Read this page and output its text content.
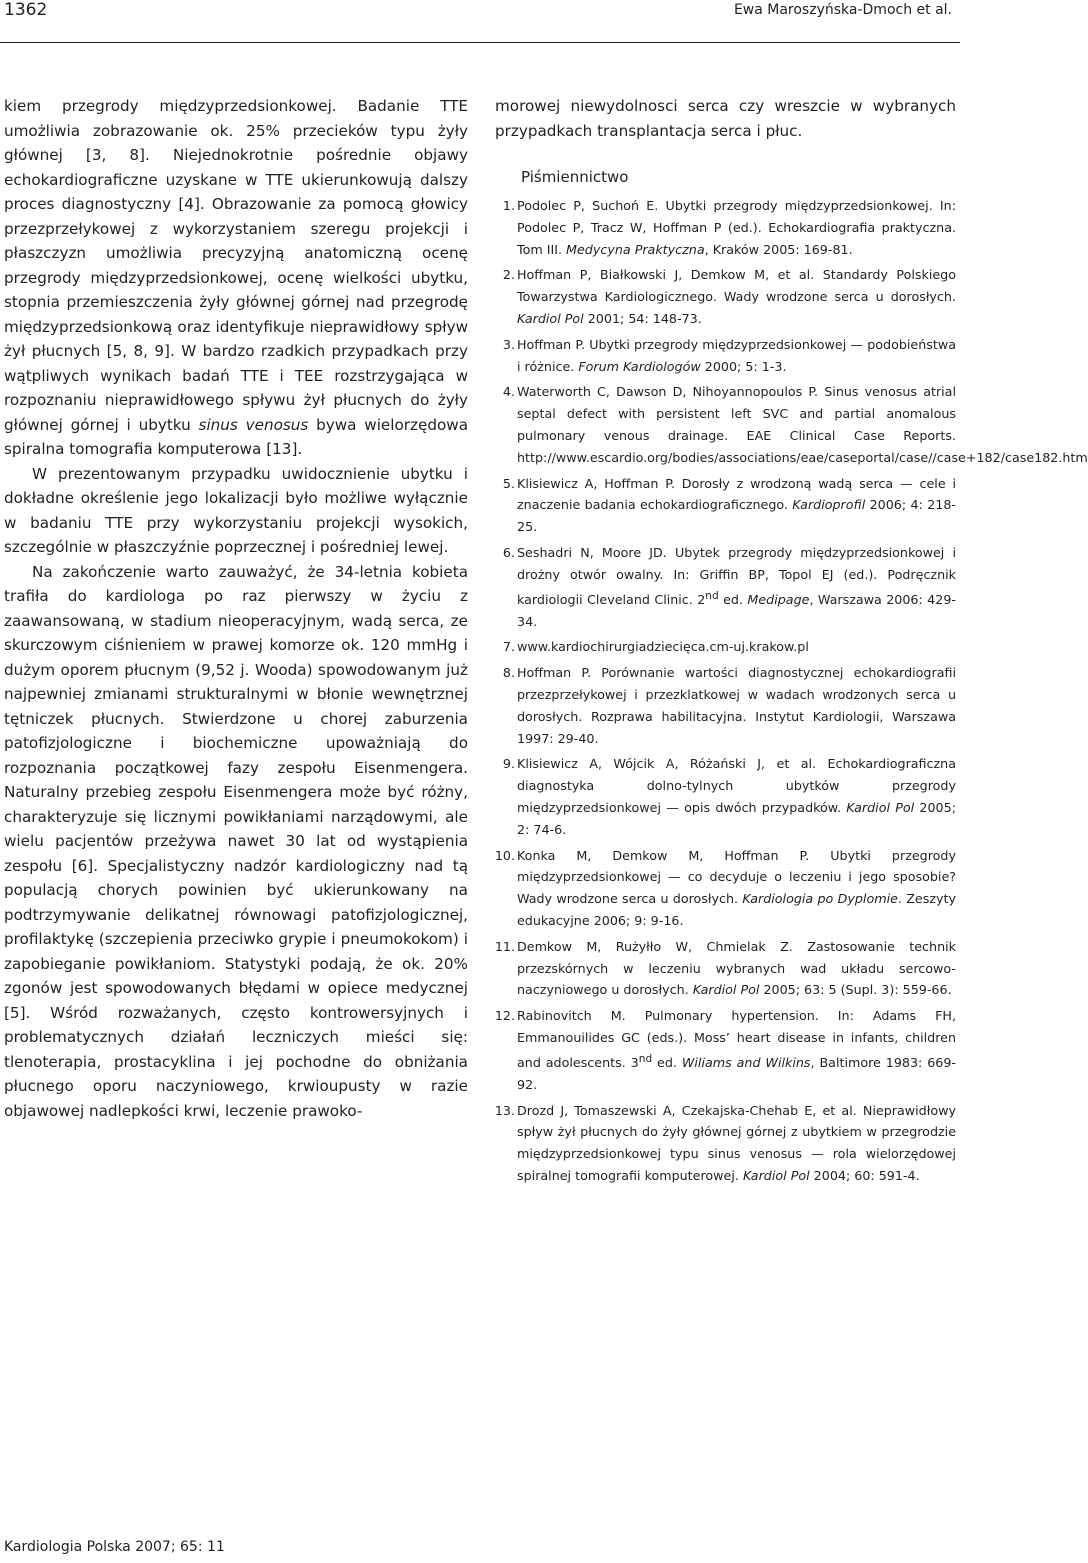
1362	Ewa Maroszyńska-Dmoch et al.

kiem przegrody międzyprzedsionkowej. Badanie TTE umożliwia zobrazowanie ok. 25% przecieków typu żyły głównej [3, 8]. Niejednokrotnie pośrednie objawy echokardiograficzne uzyskane w TTE ukierunkowują dalszy proces diagnostyczny [4]. Obrazowanie za pomocą głowicy przezprzełykowej z wykorzystaniem szeregu projekcji i płaszczyzn umożliwia precyzyjną anatomiczną ocenę przegrody międzyprzedsionkowej, ocenę wielkości ubytku, stopnia przemieszczenia żyły głównej górnej nad przegrodę międzyprzedsionkową oraz identyfikuje nieprawidłowy spływ żył płucnych [5, 8, 9]. W bardzo rzadkich przypadkach przy wątpliwych wynikach badań TTE i TEE rozstrzygająca w rozpoznaniu nieprawidłowego spływu żył płucnych do żyły głównej górnej i ubytku sinus venosus bywa wielorzędowa spiralna tomografia komputerowa [13].

W prezentowanym przypadku uwidocznienie ubytku i dokładne określenie jego lokalizacji było możliwe wyłącznie w badaniu TTE przy wykorzystaniu projekcji wysokich, szczególnie w płaszczyźnie poprzecznej i pośredniej lewej.

Na zakończenie warto zauważyć, że 34-letnia kobieta trafiła do kardiologa po raz pierwszy w życiu z zaawansowaną, w stadium nieoperacyjnym, wadą serca, ze skurczowym ciśnieniem w prawej komorze ok. 120 mmHg i dużym oporem płucnym (9,52 j. Wooda) spowodowanym już najpewniej zmianami strukturalnymi w błonie wewnętrznej tętniczek płucnych. Stwierdzone u chorej zaburzenia patofizjologiczne i biochemiczne upoważniają do rozpoznania początkowej fazy zespołu Eisenmengera. Naturalny przebieg zespołu Eisenmengera może być różny, charakteryzuje się licznymi powikłaniami narządowymi, ale wielu pacjentów przeżywa nawet 30 lat od wystąpienia zespołu [6]. Specjalistyczny nadzór kardiologiczny nad tą populacją chorych powinien być ukierunkowany na podtrzymywanie delikatnej równowagi patofizjologicznej, profilaktykę (szczepienia przeciwko grypie i pneumokokom) i zapobieganie powikłaniom. Statystyki podają, że ok. 20% zgonów jest spowodowanych błędami w opiece medycznej [5]. Wśród rozważanych, często kontrowersyjnych i problematycznych działań leczniczych mieści się: tlenoterapia, prostacyklina i jej pochodne do obniżania płucnego oporu naczyniowego, krwioupusty w razie objawowej nadlepkości krwi, leczenie prawoko-

morowej niewydolnosci serca czy wreszcie w wybranych przypadkach transplantacja serca i płuc.

Piśmiennictwo
1. Podolec P, Suchoń E. Ubytki przegrody międzyprzedsionkowej. In: Podolec P, Tracz W, Hoffman P (ed.). Echokardiografia praktyczna. Tom III. Medycyna Praktyczna, Kraków 2005: 169-81.
2. Hoffman P, Białkowski J, Demkow M, et al. Standardy Polskiego Towarzystwa Kardiologicznego. Wady wrodzone serca u dorosłych. Kardiol Pol 2001; 54: 148-73.
3. Hoffman P. Ubytki przegrody międzyprzedsionkowej — podobieństwa i różnice. Forum Kardiologów 2000; 5: 1-3.
4. Waterworth C, Dawson D, Nihoyannopoulos P. Sinus venosus atrial septal defect with persistent left SVC and partial anomalous pulmonary venous drainage. EAE Clinical Case Reports. http://www.escardio.org/bodies/associations/eae/caseportal/case//case+182/case182.htm
5. Klisiewicz A, Hoffman P. Dorosły z wrodzoną wadą serca — cele i znaczenie badania echokardiograficznego. Kardioprofil 2006; 4: 218-25.
6. Seshadri N, Moore JD. Ubytek przegrody międzyprzedsionkowej i drożny otwór owalny. In: Griffin BP, Topol EJ (ed.). Podręcznik kardiologii Cleveland Clinic. 2nd ed. Medipage, Warszawa 2006: 429-34.
7. www.kardiochirurgiadziecięca.cm-uj.krakow.pl
8. Hoffman P. Porównanie wartości diagnostycznej echokardiografii przezprzełykowej i przezklatkowej w wadach wrodzonych serca u dorosłych. Rozprawa habilitacyjna. Instytut Kardiologii, Warszawa 1997: 29-40.
9. Klisiewicz A, Wójcik A, Różański J, et al. Echokardiograficzna diagnostyka dolno-tylnych ubytków przegrody międzyprzedsionkowej — opis dwóch przypadków. Kardiol Pol 2005; 2: 74-6.
10. Konka M, Demkow M, Hoffman P. Ubytki przegrody międzyprzedsionkowej — co decyduje o leczeniu i jego sposobie? Wady wrodzone serca u dorosłych. Kardiologia po Dyplomie. Zeszyty edukacyjne 2006; 9: 9-16.
11. Demkow M, Rużyłło W, Chmielak Z. Zastosowanie technik przezskórnych w leczeniu wybranych wad układu sercowo-naczyniowego u dorosłych. Kardiol Pol 2005; 63: 5 (Supl. 3): 559-66.
12. Rabinovitch M. Pulmonary hypertension. In: Adams FH, Emmanouilides GC (eds.). Moss’ heart disease in infants, children and adolescents. 3nd ed. Wiliams and Wilkins, Baltimore 1983: 669-92.
13. Drozd J, Tomaszewski A, Czekajska-Chehab E, et al. Nieprawidłowy spływ żył płucnych do żyły głównej górnej z ubytkiem w przegrodzie międzyprzedsionkowej typu sinus venosus — rola wielorzędowej spiralnej tomografii komputerowej. Kardiol Pol 2004; 60: 591-4.
Kardiologia Polska 2007; 65: 11
